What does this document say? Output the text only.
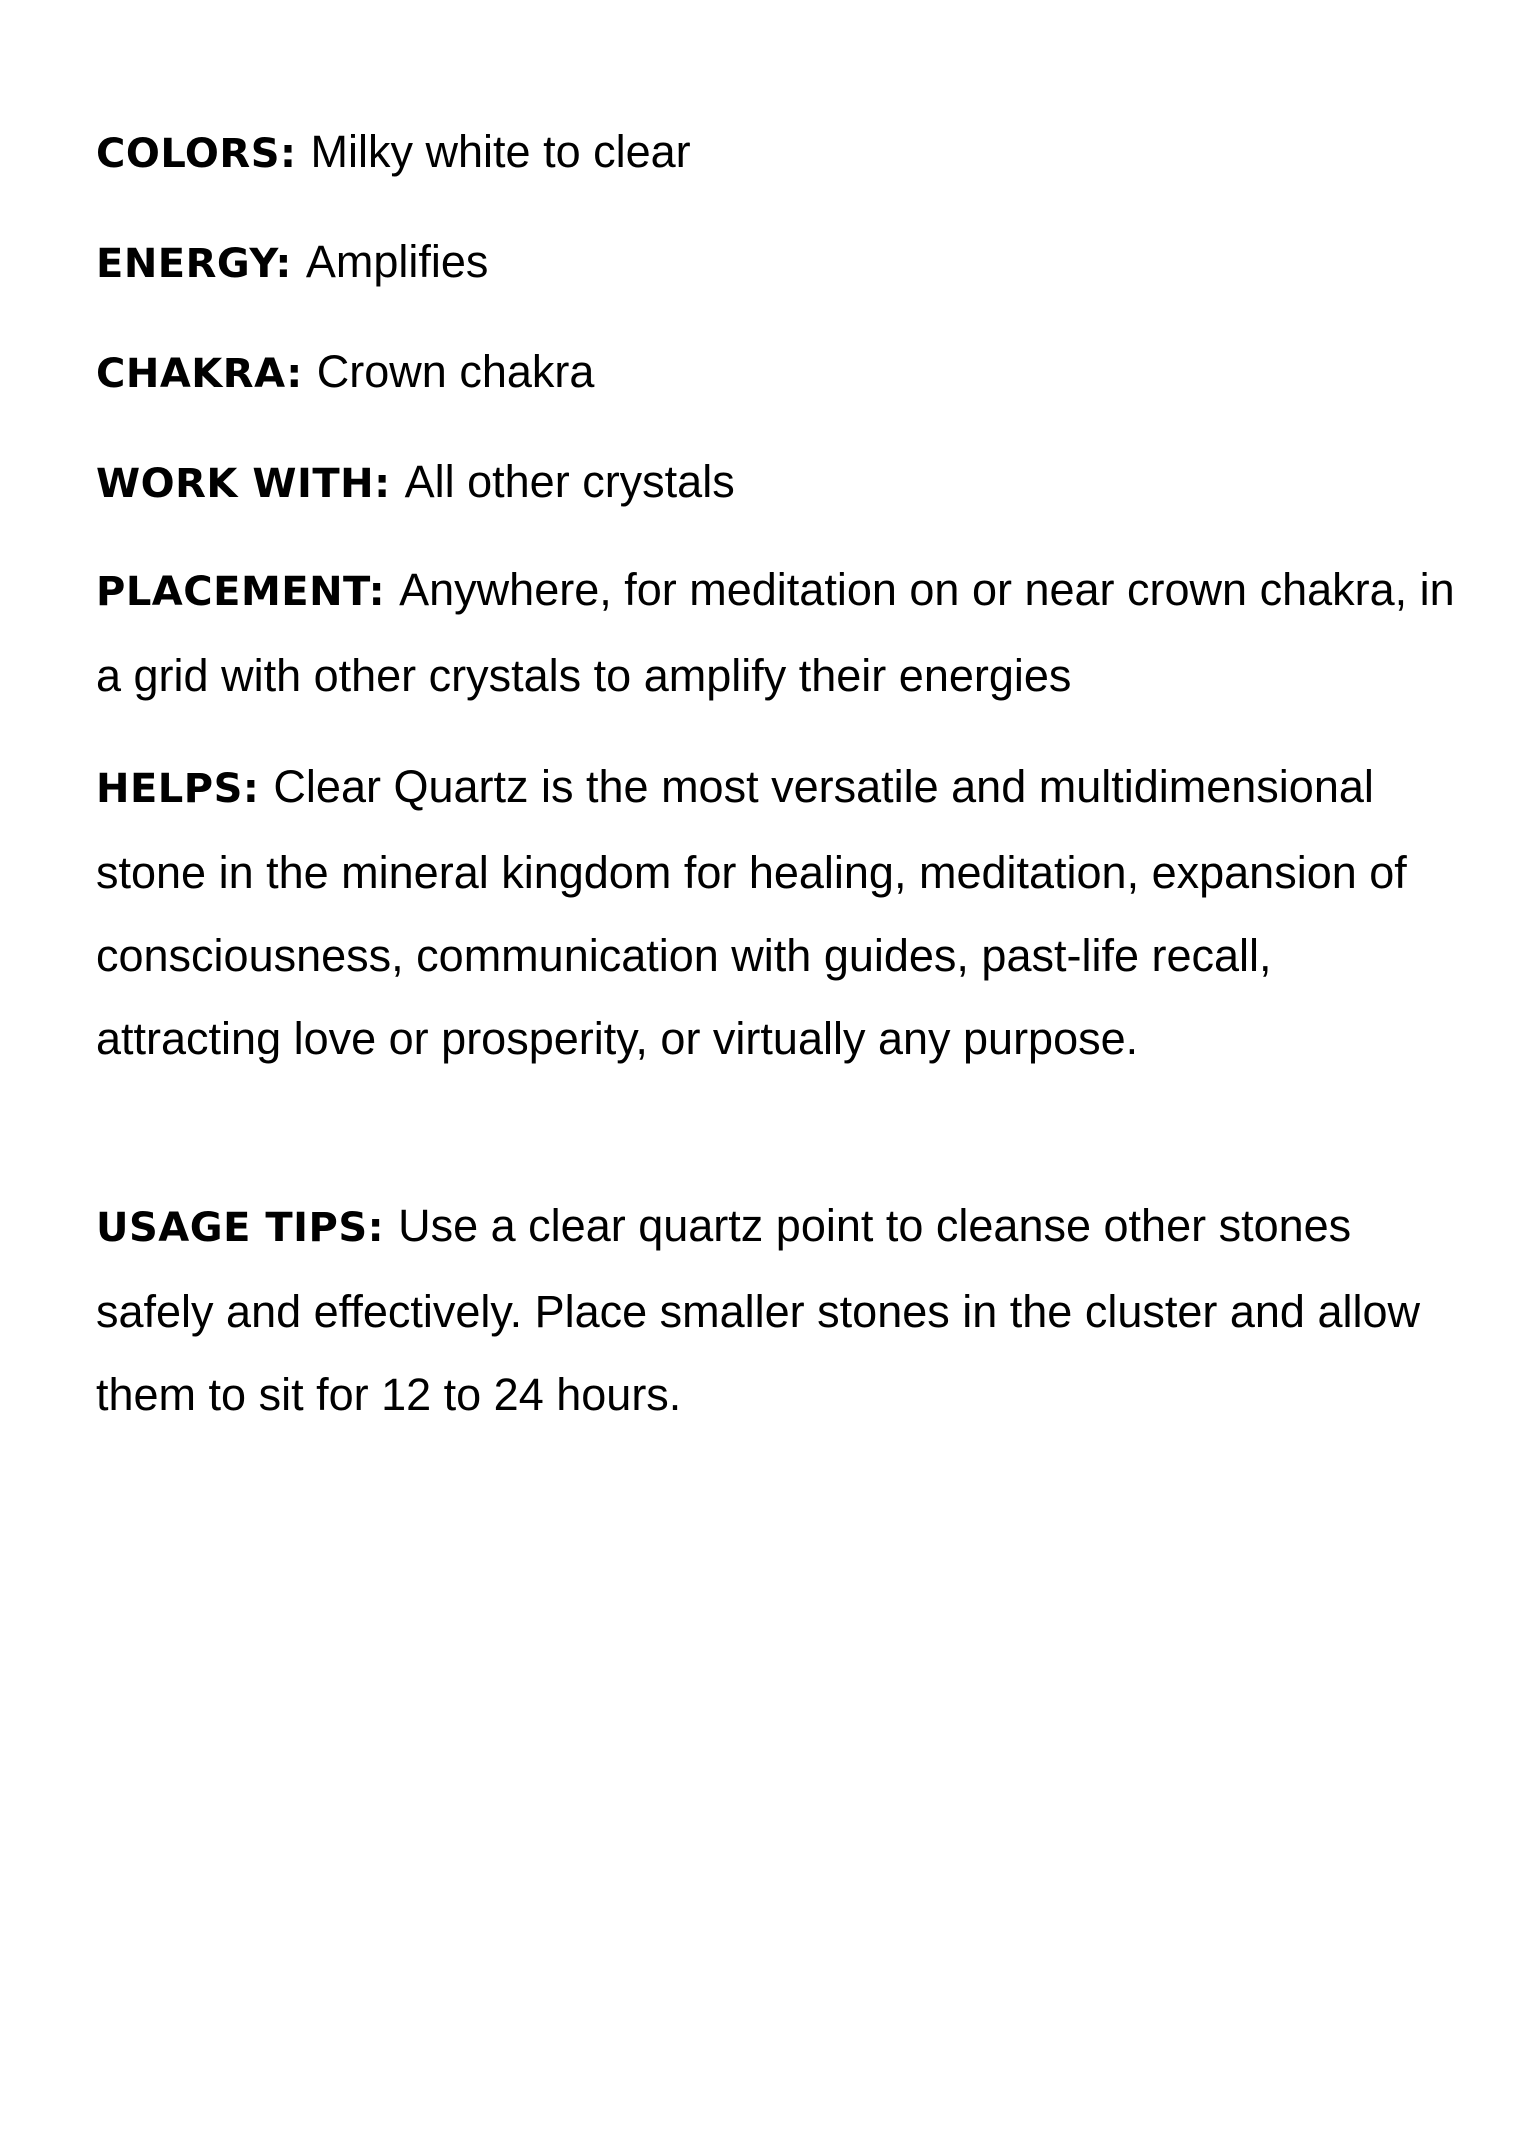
COLORS: Milky white to clear
ENERGY: Amplifies
CHAKRA: Crown chakra
WORK WITH: All other crystals
PLACEMENT: Anywhere, for meditation on or near crown chakra, in a grid with other crystals to amplify their energies
HELPS: Clear Quartz is the most versatile and multidimensional stone in the mineral kingdom for healing, meditation, expansion of consciousness, communication with guides, past-life recall, attracting love or prosperity, or virtually any purpose.
USAGE TIPS: Use a clear quartz point to cleanse other stones safely and effectively. Place smaller stones in the cluster and allow them to sit for 12 to 24 hours.
